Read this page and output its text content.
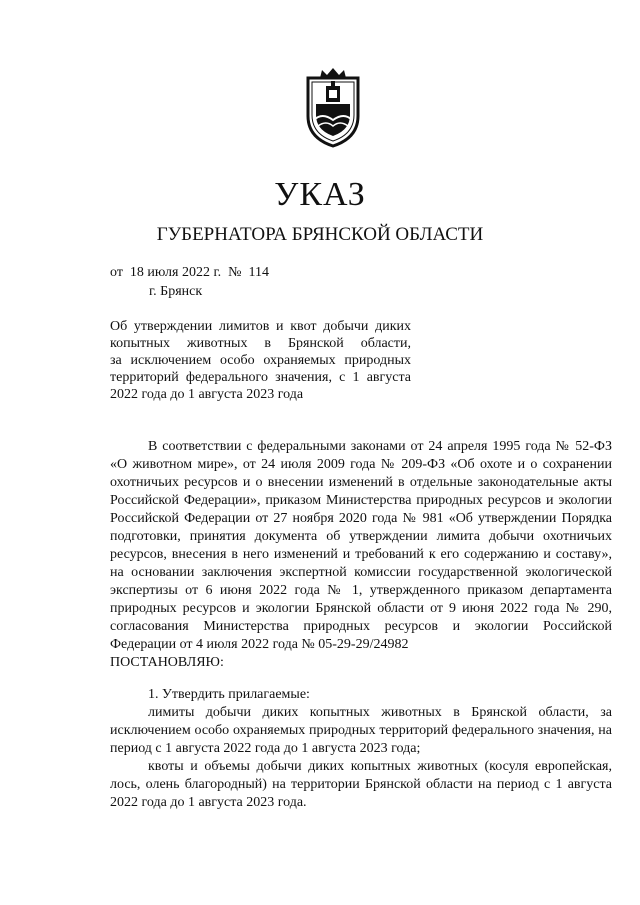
УКАЗ
ГУБЕРНАТОРА БРЯНСКОЙ ОБЛАСТИ
от  18 июля 2022 г.  №  114
г. Брянск
Об утверждении лимитов и квот добычи диких
копытных животных в Брянской области,
за исключением особо охраняемых природных
территорий федерального значения, с 1 августа
2022 года до 1 августа 2023 года

В соответствии с федеральными законами от 24 апреля 1995 года № 52-ФЗ «О животном мире», от 24 июля 2009 года № 209-ФЗ «Об охоте и о сохранении охотничьих ресурсов и о внесении изменений в отдельные законодательные акты Российской Федерации», приказом Министерства природных ресурсов и экологии Российской Федерации от 27 ноября 2020 года № 981 «Об утверждении Порядка подготовки, принятия документа об утверждении лимита добычи охотничьих ресурсов, внесения в него изменений и требований к его содержанию и составу», на основании заключения экспертной комиссии государственной экологической экспертизы от 6 июня 2022 года № 1, утвержденного приказом департамента природных ресурсов и экологии Брянской области от 9 июня 2022 года № 290, согласования Министерства природных ресурсов и экологии Российской Федерации от 4 июля 2022 года № 05-29-29/24982

ПОСТАНОВЛЯЮ:

1. Утвердить прилагаемые:

лимиты добычи диких копытных животных в Брянской области, за исключением особо охраняемых природных территорий федерального значения, на период с 1 августа 2022 года до 1 августа 2023 года;

квоты и объемы добычи диких копытных животных (косуля европейская, лось, олень благородный) на территории Брянской области на период с 1 августа 2022 года до 1 августа 2023 года.
